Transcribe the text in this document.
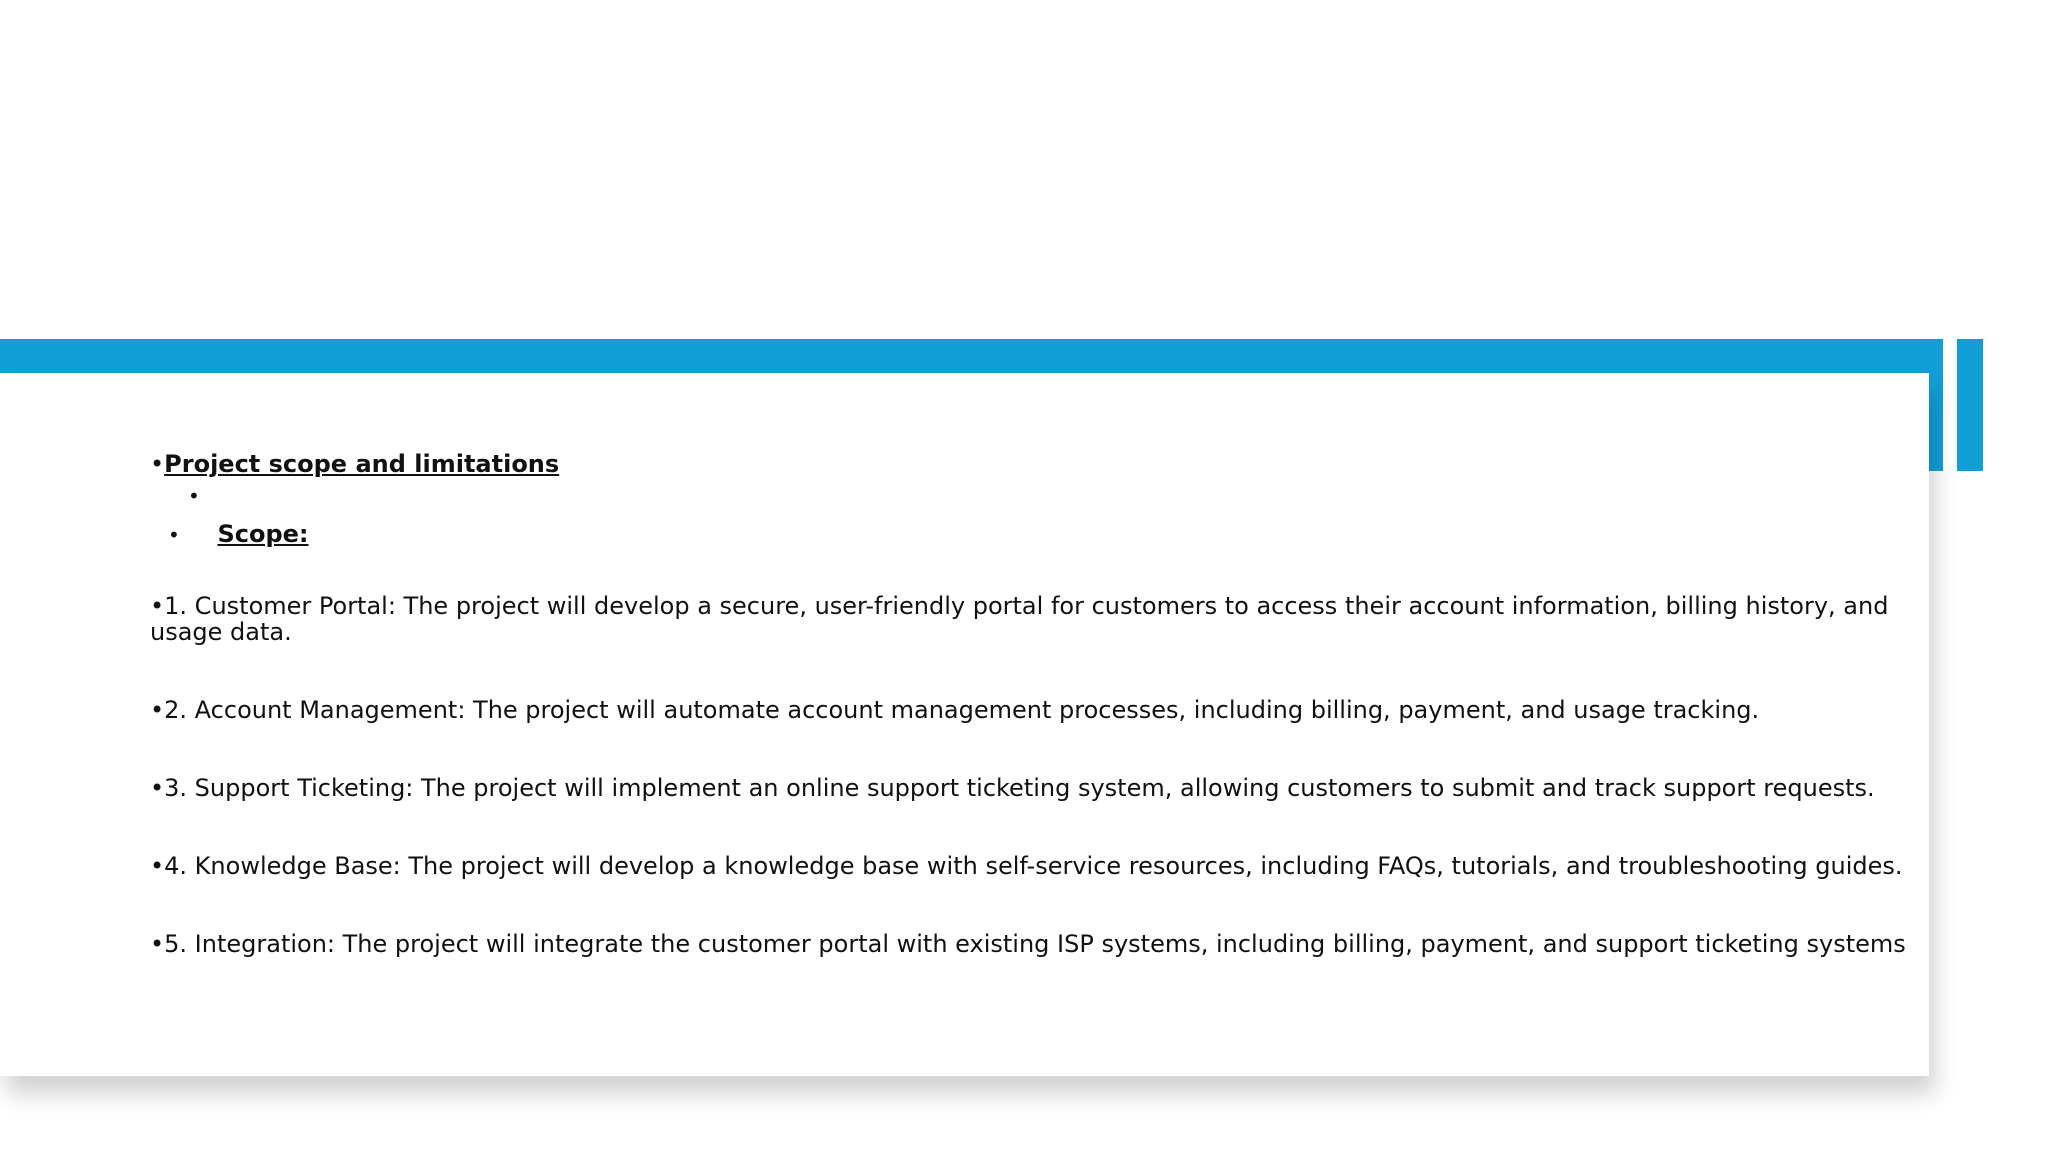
•Project scope and limitations
•
• Scope:
•1. Customer Portal: The project will develop a secure, user-friendly portal for customers to access their account information, billing history, and usage data.
•2. Account Management: The project will automate account management processes, including billing, payment, and usage tracking.
•3. Support Ticketing: The project will implement an online support ticketing system, allowing customers to submit and track support requests.
•4. Knowledge Base: The project will develop a knowledge base with self-service resources, including FAQs, tutorials, and troubleshooting guides.
•5. Integration: The project will integrate the customer portal with existing ISP systems, including billing, payment, and support ticketing systems
